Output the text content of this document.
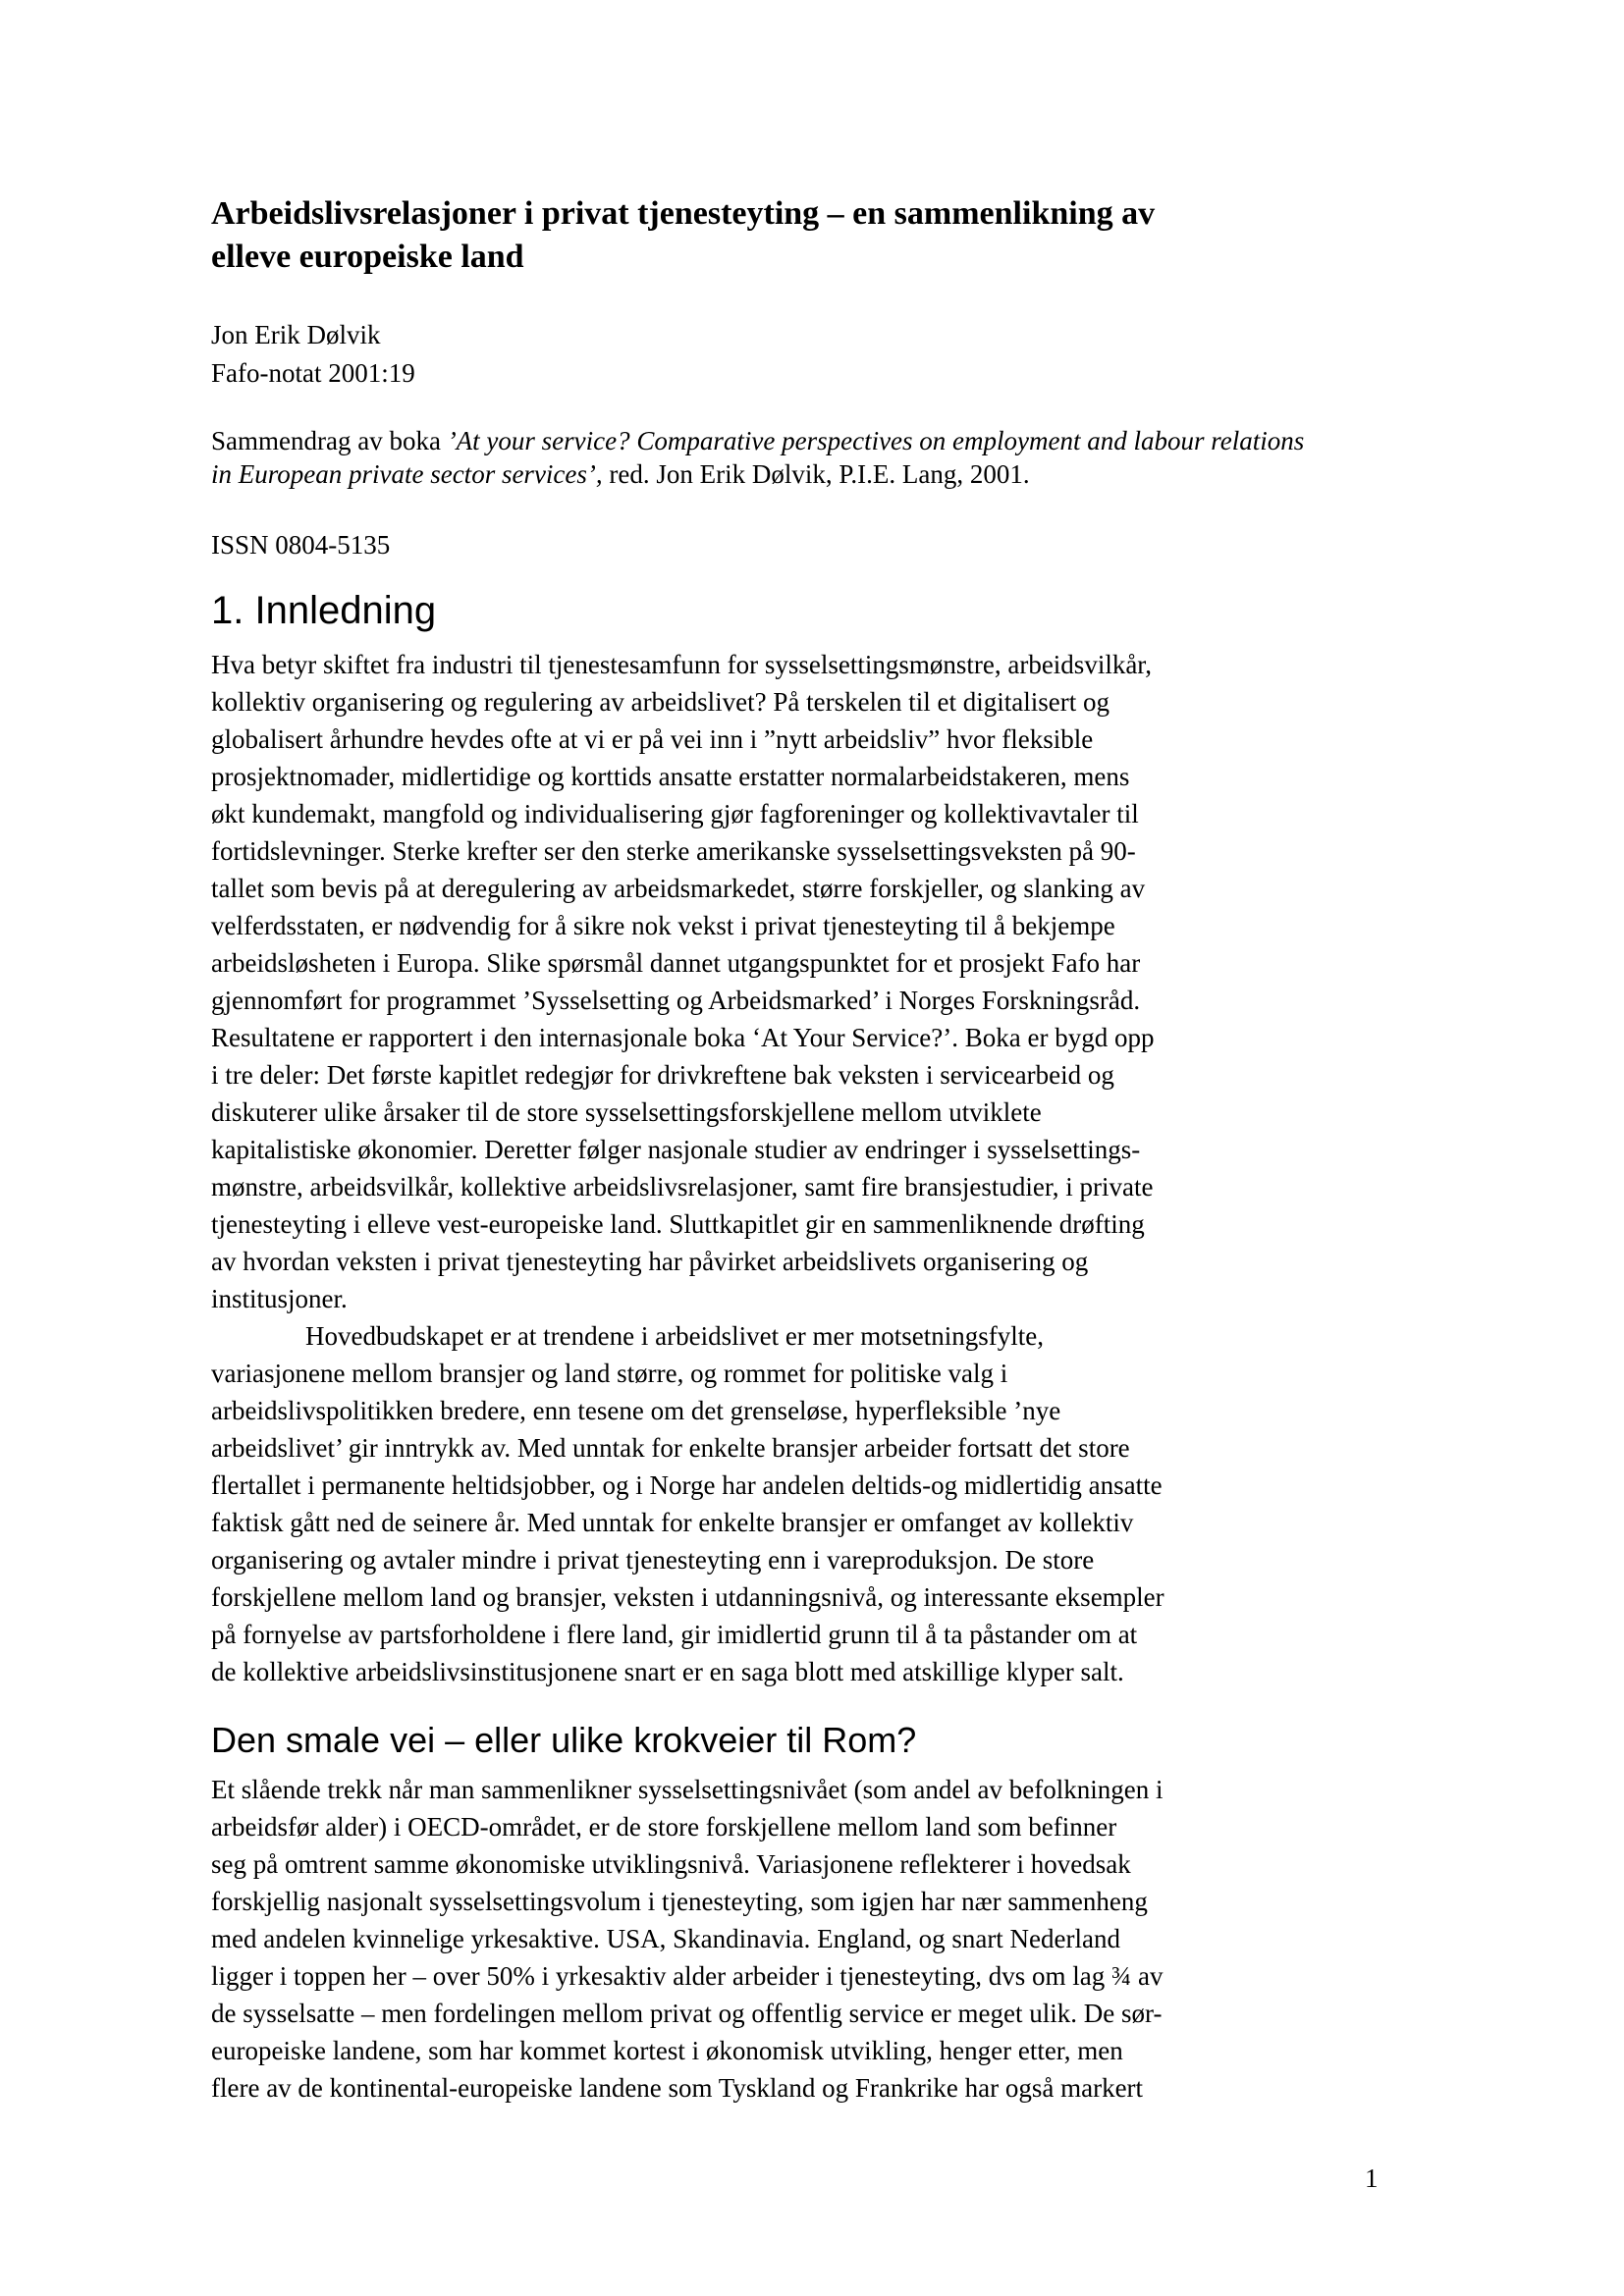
Arbeidslivsrelasjoner i privat tjenesteyting – en sammenlikning av
elleve europeiske land
Jon Erik Dølvik
Fafo-notat 2001:19
Sammendrag av boka ’At your service? Comparative perspectives on employment and labour relations
in European private sector services’, red. Jon Erik Dølvik, P.I.E. Lang, 2001.
ISSN 0804-5135
1. Innledning
Hva betyr skiftet fra industri til tjenestesamfunn for sysselsettingsmønstre, arbeidsvilkår,
kollektiv organisering og regulering av arbeidslivet? På terskelen til et digitalisert og
globalisert århundre hevdes ofte at vi er på vei inn i ”nytt arbeidsliv” hvor fleksible
prosjektnomader, midlertidige og korttids ansatte erstatter normalarbeidstakeren, mens
økt kundemakt, mangfold og individualisering gjør fagforeninger og kollektivavtaler til
fortidslevninger. Sterke krefter ser den sterke amerikanske sysselsettingsveksten på 90-
tallet som bevis på at deregulering av arbeidsmarkedet, større forskjeller, og slanking av
velferdsstaten, er nødvendig for å sikre nok vekst i privat tjenesteyting til å bekjempe
arbeidsløsheten i Europa. Slike spørsmål dannet utgangspunktet for et prosjekt Fafo har
gjennomført for programmet ’Sysselsetting og Arbeidsmarked’ i Norges Forskningsråd.
Resultatene er rapportert i den internasjonale boka ‘At Your Service?’. Boka er bygd opp
i tre deler: Det første kapitlet redegjør for drivkreftene bak veksten i servicearbeid og
diskuterer ulike årsaker til de store sysselsettingsforskjellene mellom utviklete
kapitalistiske økonomier. Deretter følger nasjonale studier av endringer i sysselsettings-
mønstre, arbeidsvilkår, kollektive arbeidslivsrelasjoner, samt fire bransjestudier, i private
tjenesteyting i elleve vest-europeiske land. Sluttkapitlet gir en sammenliknende drøfting
av hvordan veksten i privat tjenesteyting har påvirket arbeidslivets organisering og
institusjoner.
Hovedbudskapet er at trendene i arbeidslivet er mer motsetningsfylte,
variasjonene mellom bransjer og land større, og rommet for politiske valg i
arbeidslivspolitikken bredere, enn tesene om det grenseløse, hyperfleksible ’nye
arbeidslivet’ gir inntrykk av. Med unntak for enkelte bransjer arbeider fortsatt det store
flertallet i permanente heltidsjobber, og i Norge har andelen deltids-og midlertidig ansatte
faktisk gått ned de seinere år. Med unntak for enkelte bransjer er omfanget av kollektiv
organisering og avtaler mindre i privat tjenesteyting enn i vareproduksjon. De store
forskjellene mellom land og bransjer, veksten i utdanningsnivå, og interessante eksempler
på fornyelse av partsforholdene i flere land, gir imidlertid grunn til å ta påstander om at
de kollektive arbeidslivsinstitusjonene snart er en saga blott med atskillige klyper salt.
Den smale vei – eller ulike krokveier til Rom?
Et slående trekk når man sammenlikner sysselsettingsnivået (som andel av befolkningen i
arbeidsfør alder) i OECD-området, er de store forskjellene mellom land som befinner
seg på omtrent samme økonomiske utviklingsnivå. Variasjonene reflekterer i hovedsak
forskjellig nasjonalt sysselsettingsvolum i tjenesteyting, som igjen har nær sammenheng
med andelen kvinnelige yrkesaktive. USA, Skandinavia. England, og snart Nederland
ligger i toppen her – over 50% i yrkesaktiv alder arbeider i tjenesteyting, dvs om lag ¾ av
de sysselsatte – men fordelingen mellom privat og offentlig service er meget ulik. De sør-
europeiske landene, som har kommet kortest i økonomisk utvikling, henger etter, men
flere av de kontinental-europeiske landene som Tyskland og Frankrike har også markert
1
